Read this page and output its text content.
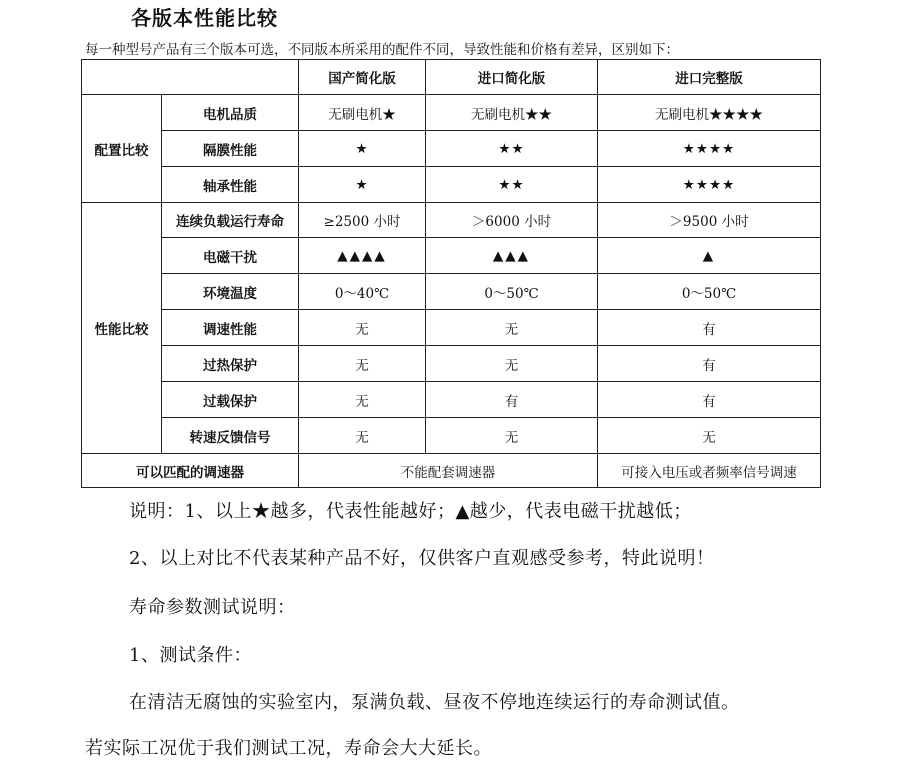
各版本性能比较
每一种型号产品有三个版本可选，不同版本所采用的配件不同，导致性能和价格有差异，区别如下：
		国产简化版	进口简化版	进口完整版
配置比较	电机品质	无刷电机★	无刷电机★★	无刷电机★★★★
	隔膜性能	★	★★	★★★★
	轴承性能	★	★★	★★★★
性能比较	连续负载运行寿命	≥2500 小时	＞6000 小时	＞9500 小时
	电磁干扰	▲▲▲▲	▲▲▲	▲
	环境温度	0～40℃	0～50℃	0～50℃
	调速性能	无	无	有
	过热保护	无	无	有
	过载保护	无	有	有
	转速反馈信号	无	无	无
可以匹配的调速器		不能配套调速器		可接入电压或者频率信号调速
说明：1、以上★越多，代表性能越好；▲越少，代表电磁干扰越低；
2、以上对比不代表某种产品不好，仅供客户直观感受参考，特此说明！
寿命参数测试说明：
1、测试条件：
在清洁无腐蚀的实验室内，泵满负载、昼夜不停地连续运行的寿命测试值。
若实际工况优于我们测试工况，寿命会大大延长。
